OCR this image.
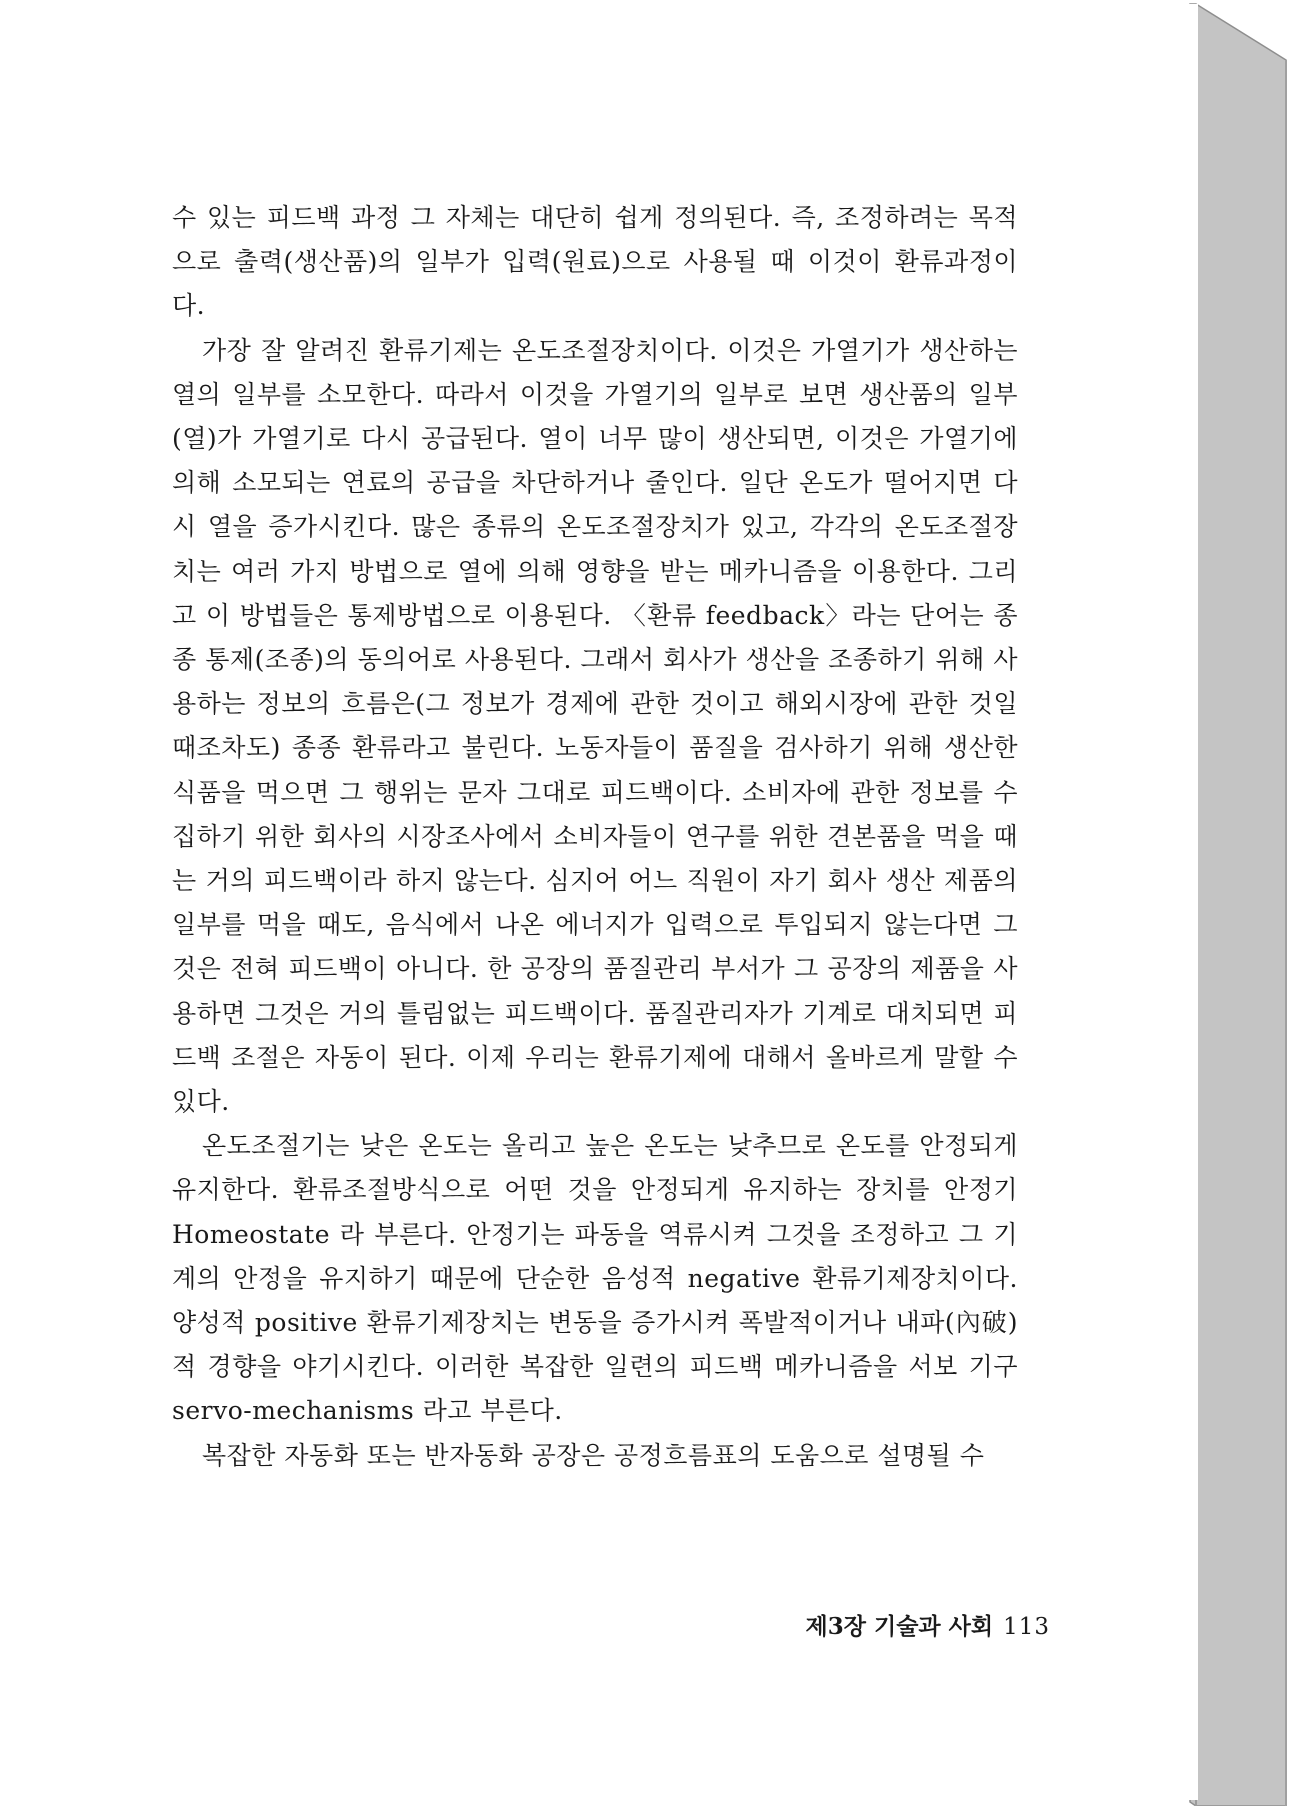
수 있는 피드백 과정 그 자체는 대단히 쉽게 정의된다. 즉, 조정하려는 목적으로 출력(생산품)의 일부가 입력(원료)으로 사용될 때 이것이 환류과정이다.

가장 잘 알려진 환류기제는 온도조절장치이다. 이것은 가열기가 생산하는 열의 일부를 소모한다. 따라서 이것을 가열기의 일부로 보면 생산품의 일부(열)가 가열기로 다시 공급된다. 열이 너무 많이 생산되면, 이것은 가열기에 의해 소모되는 연료의 공급을 차단하거나 줄인다. 일단 온도가 떨어지면 다시 열을 증가시킨다. 많은 종류의 온도조절장치가 있고, 각각의 온도조절장치는 여러 가지 방법으로 열에 의해 영향을 받는 메카니즘을 이용한다. 그리고 이 방법들은 통제방법으로 이용된다. 〈환류 feedback〉라는 단어는 종종 통제(조종)의 동의어로 사용된다. 그래서 회사가 생산을 조종하기 위해 사용하는 정보의 흐름은(그 정보가 경제에 관한 것이고 해외시장에 관한 것일 때조차도) 종종 환류라고 불린다. 노동자들이 품질을 검사하기 위해 생산한 식품을 먹으면 그 행위는 문자 그대로 피드백이다. 소비자에 관한 정보를 수집하기 위한 회사의 시장조사에서 소비자들이 연구를 위한 견본품을 먹을 때는 거의 피드백이라 하지 않는다. 심지어 어느 직원이 자기 회사 생산 제품의 일부를 먹을 때도, 음식에서 나온 에너지가 입력으로 투입되지 않는다면 그것은 전혀 피드백이 아니다. 한 공장의 품질관리 부서가 그 공장의 제품을 사용하면 그것은 거의 틀림없는 피드백이다. 품질관리자가 기계로 대치되면 피드백 조절은 자동이 된다. 이제 우리는 환류기제에 대해서 올바르게 말할 수 있다.

온도조절기는 낮은 온도는 올리고 높은 온도는 낮추므로 온도를 안정되게 유지한다. 환류조절방식으로 어떤 것을 안정되게 유지하는 장치를 안정기 Homeostate 라 부른다. 안정기는 파동을 역류시켜 그것을 조정하고 그 기계의 안정을 유지하기 때문에 단순한 음성적 negative 환류기제장치이다. 양성적 positive 환류기제장치는 변동을 증가시켜 폭발적이거나 내파(內破)적 경향을 야기시킨다. 이러한 복잡한 일련의 피드백 메카니즘을 서보 기구 servo-mechanisms 라고 부른다.

복잡한 자동화 또는 반자동화 공장은 공정흐름표의 도움으로 설명될 수

제3장 기술과 사회 113
